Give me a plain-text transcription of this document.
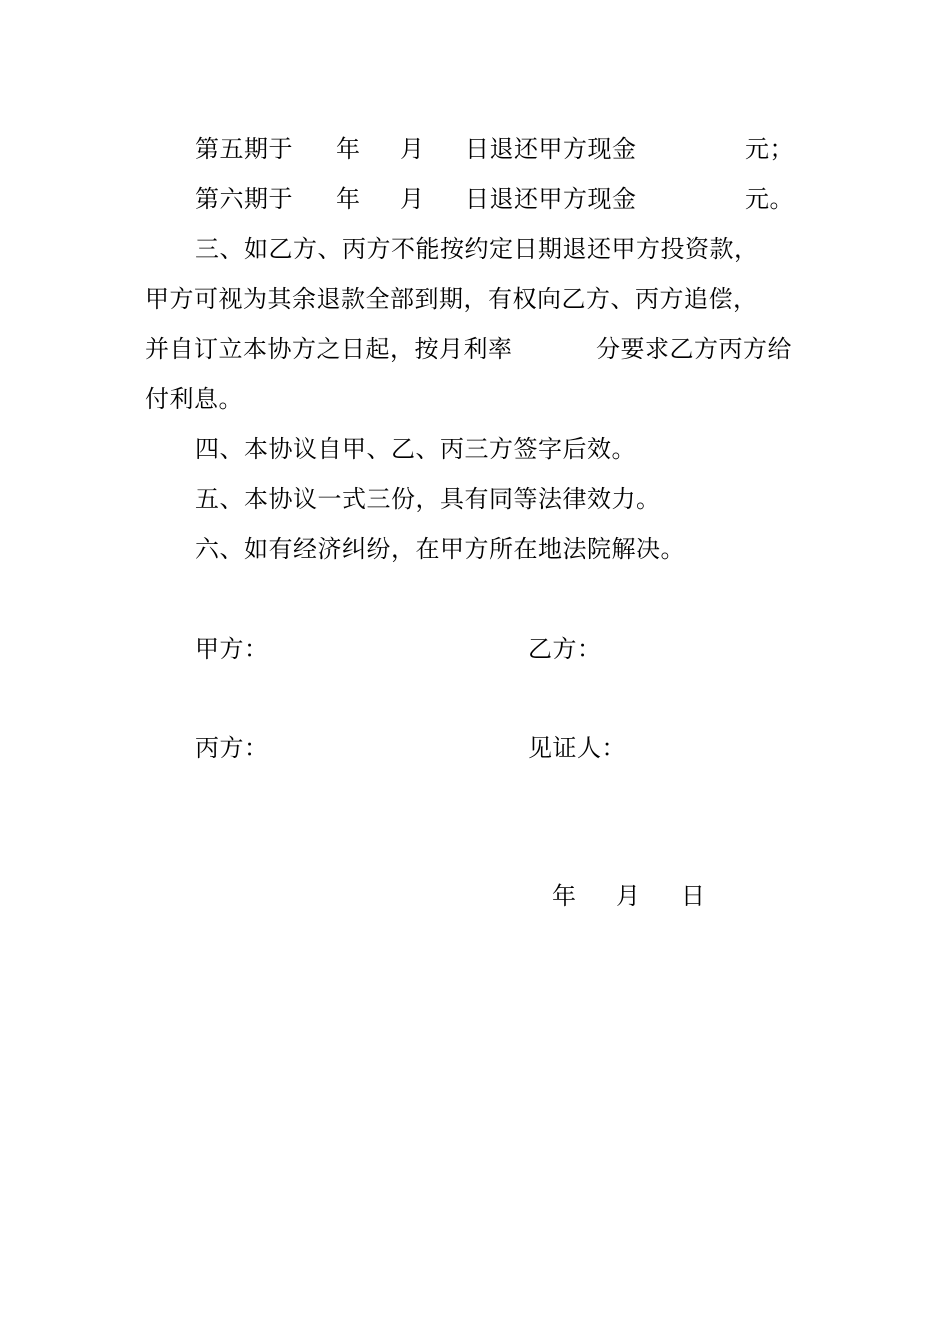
第五期于 年 月 日退还甲方现金	元；
第六期于 年 月 日退还甲方现金	元。
三、如乙方、丙方不能按约定日期退还甲方投资款，
甲方可视为其余退款全部到期，有权向乙方、丙方追偿，
并自订立本协方之日起，按月利率	分要求乙方丙方给
付利息。
四、本协议自甲、乙、丙三方签字后效。
五、本协议一式三份，具有同等法律效力。
六、如有经济纠纷，在甲方所在地法院解决。
甲方：	乙方：
丙方：	见证人：
年 月 日
